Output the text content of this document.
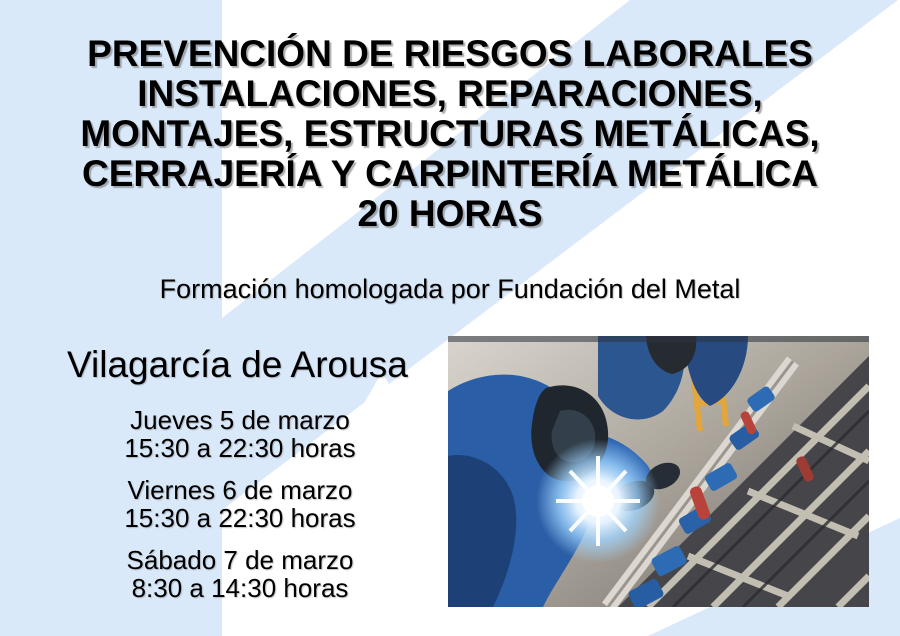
PREVENCIÓN DE RIESGOS LABORALES
INSTALACIONES, REPARACIONES,
MONTAJES, ESTRUCTURAS METÁLICAS,
CERRAJERÍA Y CARPINTERÍA METÁLICA
20 HORAS
Formación homologada por Fundación del Metal
Vilagarcía de Arousa
Jueves 5 de marzo
15:30 a 22:30 horas
Viernes 6 de marzo
15:30 a 22:30 horas
Sábado 7 de marzo
8:30 a 14:30 horas
